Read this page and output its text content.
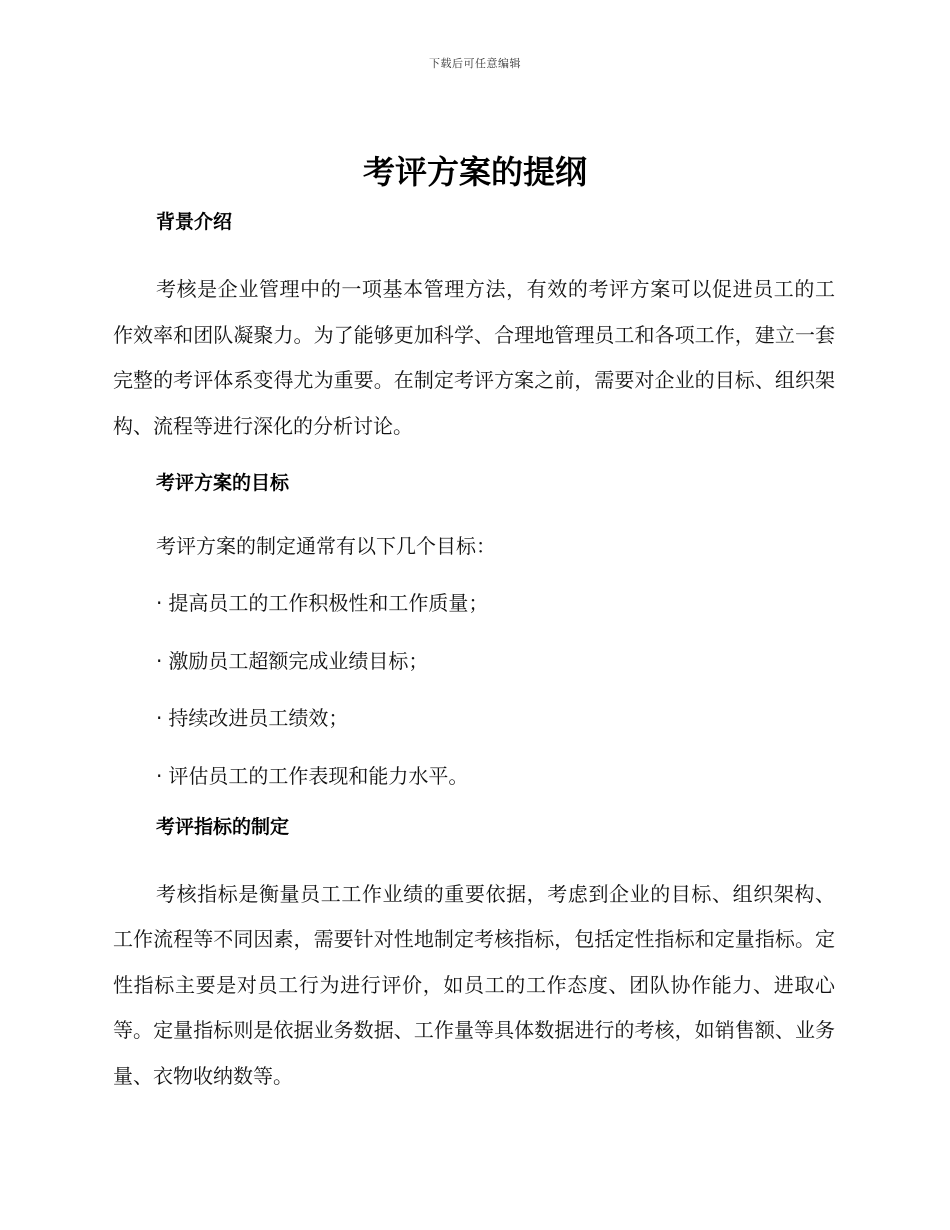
下载后可任意编辑
考评方案的提纲
背景介绍

考核是企业管理中的一项基本管理方法，有效的考评方案可以促进员工的工作效率和团队凝聚力。为了能够更加科学、合理地管理员工和各项工作，建立一套完整的考评体系变得尤为重要。在制定考评方案之前，需要对企业的目标、组织架构、流程等进行深化的分析讨论。

考评方案的目标

考评方案的制定通常有以下几个目标：

· 提高员工的工作积极性和工作质量；

· 激励员工超额完成业绩目标；

· 持续改进员工绩效；

· 评估员工的工作表现和能力水平。

考评指标的制定

考核指标是衡量员工工作业绩的重要依据，考虑到企业的目标、组织架构、工作流程等不同因素，需要针对性地制定考核指标，包括定性指标和定量指标。定性指标主要是对员工行为进行评价，如员工的工作态度、团队协作能力、进取心等。定量指标则是依据业务数据、工作量等具体数据进行的考核，如销售额、业务量、衣物收纳数等。
